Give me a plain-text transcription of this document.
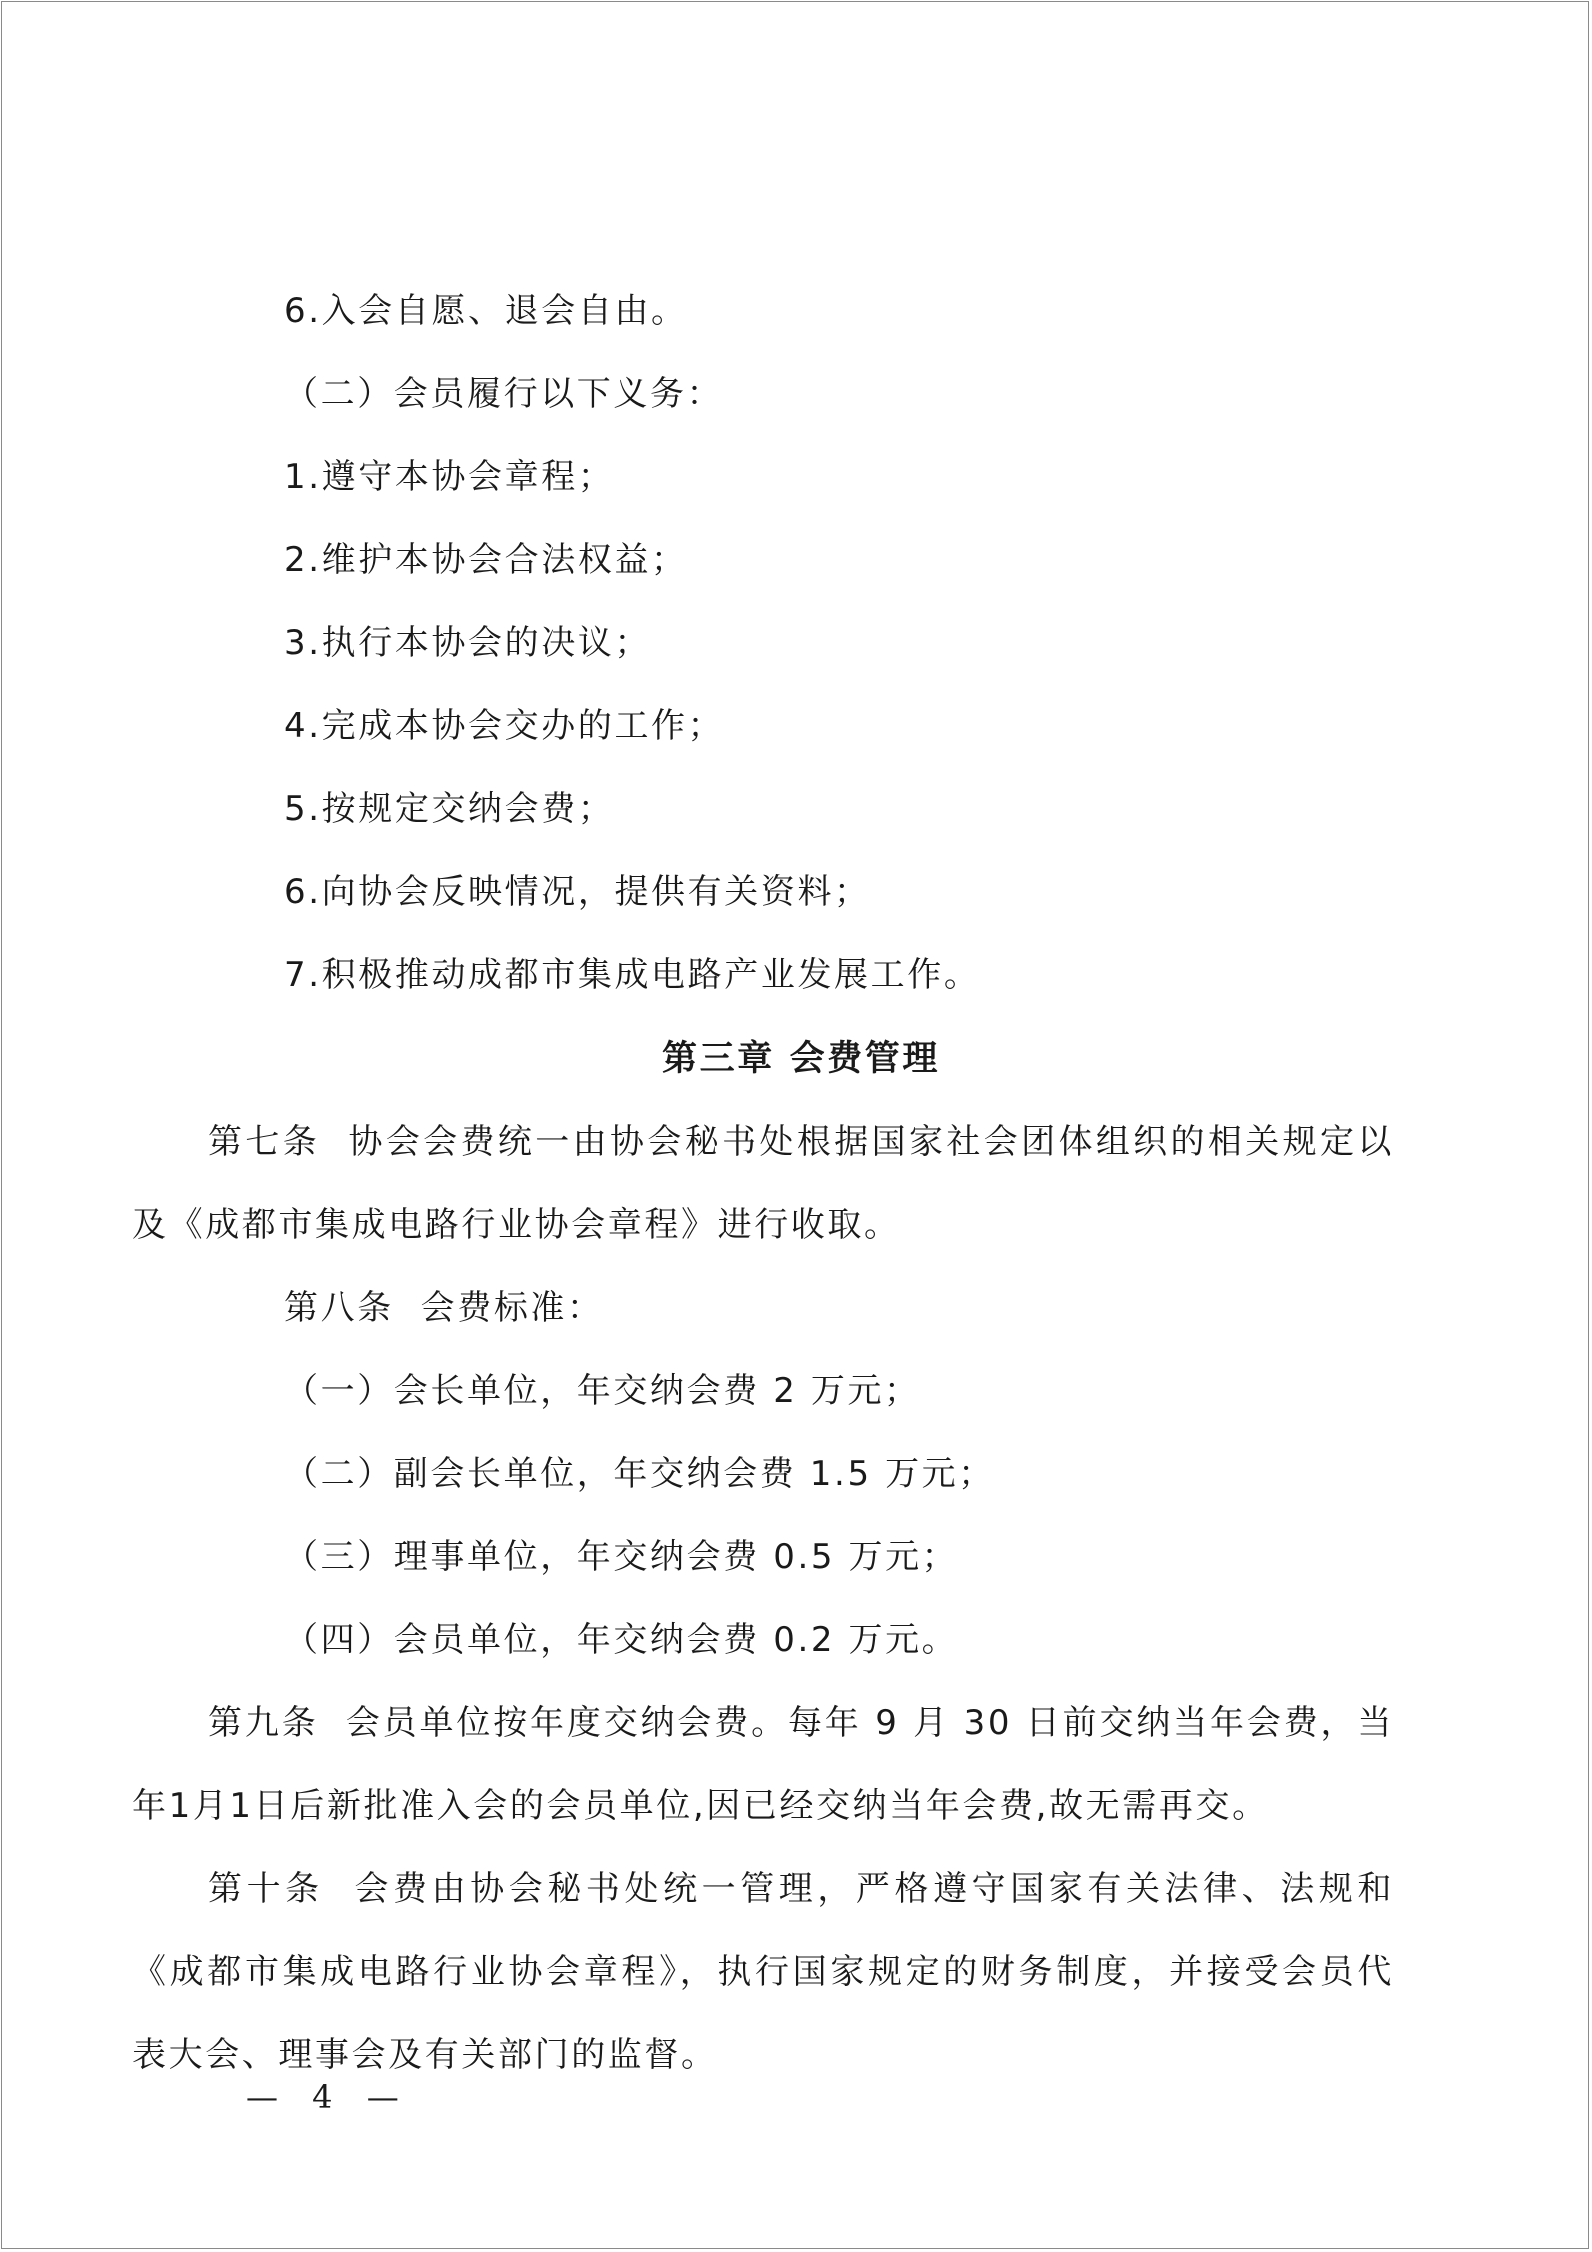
6.入会自愿、退会自由。

（二）会员履行以下义务：

1.遵守本协会章程；

2.维护本协会合法权益；

3.执行本协会的决议；

4.完成本协会交办的工作；

5.按规定交纳会费；

6.向协会反映情况，提供有关资料；

7.积极推动成都市集成电路产业发展工作。

第三章 会费管理

第七条  协会会费统一由协会秘书处根据国家社会团体组织的相关规定以及《成都市集成电路行业协会章程》进行收取。

第八条  会费标准：

（一）会长单位，年交纳会费 2 万元；

（二）副会长单位，年交纳会费 1.5 万元；

（三）理事单位，年交纳会费 0.5 万元；

（四）会员单位，年交纳会费 0.2 万元。

第九条  会员单位按年度交纳会费。每年 9 月 30 日前交纳当年会费，当年1月1日后新批准入会的会员单位,因已经交纳当年会费,故无需再交。

第十条  会费由协会秘书处统一管理，严格遵守国家有关法律、法规和《成都市集成电路行业协会章程》，执行国家规定的财务制度，并接受会员代表大会、理事会及有关部门的监督。

— 4 —
